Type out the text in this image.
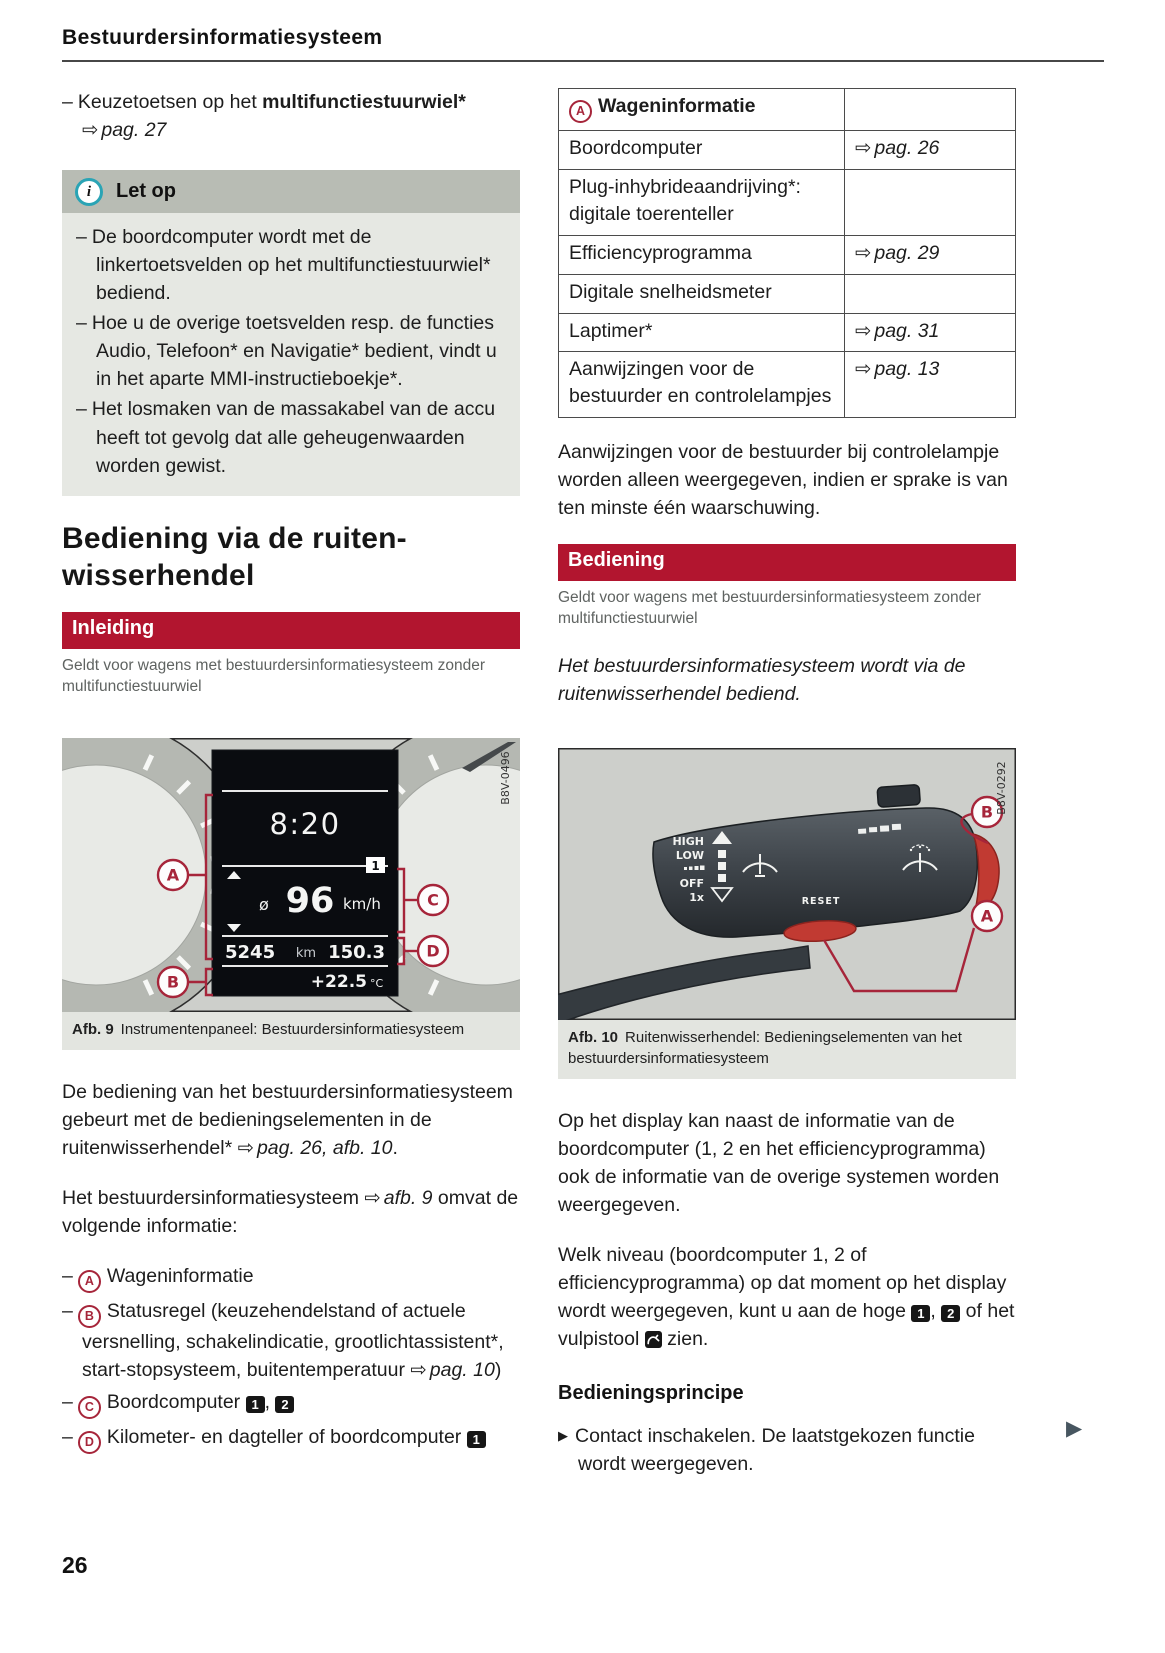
Bestuurdersinformatiesysteem
– Keuzetoetsen op het multifunctiestuurwiel*
⇨ pag. 27
i	Let op
– De boordcomputer wordt met de linkertoetsvelden op het multifunctiestuurwiel* bediend.
– Hoe u de overige toetsvelden resp. de functies Audio, Telefoon* en Navigatie* bedient, vindt u in het aparte MMI-instructieboekje*.
– Het losmaken van de massakabel van de accu heeft tot gevolg dat alle geheugenwaarden worden gewist.
Bediening via de ruiten-
wisserhendel
Inleiding
Geldt voor wagens met bestuurdersinformatiesysteem zonder multifunctiestuurwiel
8:20
1
ø 96 km/h
5245 km 150.3
+22.5 °C
A
B
C
D
B8V-0496
Afb. 9 Instrumentenpaneel: Bestuurdersinformatiesysteem
De bediening van het bestuurdersinformatiesysteem gebeurt met de bedieningselementen in de ruitenwisserhendel* ⇨ pag. 26, afb. 10.
Het bestuurdersinformatiesysteem ⇨ afb. 9 omvat de volgende informatie:
– A Wageninformatie
– B Statusregel (keuzehendelstand of actuele versnelling, schakelindicatie, grootlichtassistent*, start-stopsysteem, buitentemperatuur ⇨ pag. 10)
– C Boordcomputer 1 , 2
– D Kilometer- en dagteller of boordcomputer 1
A Wageninformatie	
Boordcomputer	⇨ pag. 26
Plug-inhybrideaandrijving*: digitale toerenteller	
Efficiencyprogramma	⇨ pag. 29
Digitale snelheidsmeter	
Laptimer*	⇨ pag. 31
Aanwijzingen voor de bestuurder en controlelampjes	⇨ pag. 13
Aanwijzingen voor de bestuurder bij controlelampje worden alleen weergegeven, indien er sprake is van ten minste één waarschuwing.
Bediening
Geldt voor wagens met bestuurdersinformatiesysteem zonder multifunctiestuurwiel
Het bestuurdersinformatiesysteem wordt via de ruitenwisserhendel bediend.
HIGH
LOW
OFF
1x	RESET
B
A
B8V-0292
Afb. 10 Ruitenwisserhendel: Bedieningselementen van het bestuurdersinformatiesysteem
Op het display kan naast de informatie van de boordcomputer (1, 2 en het efficiencyprogramma) ook de informatie van de overige systemen worden weergegeven.
Welk niveau (boordcomputer 1, 2 of efficiencyprogramma) op dat moment op het display wordt weergegeven, kunt u aan de hoge 1 , 2 of het vulpistool  zien.
Bedieningsprincipe
▶ Contact inschakelen. De laatstgekozen functie wordt weergegeven.
▶
26
